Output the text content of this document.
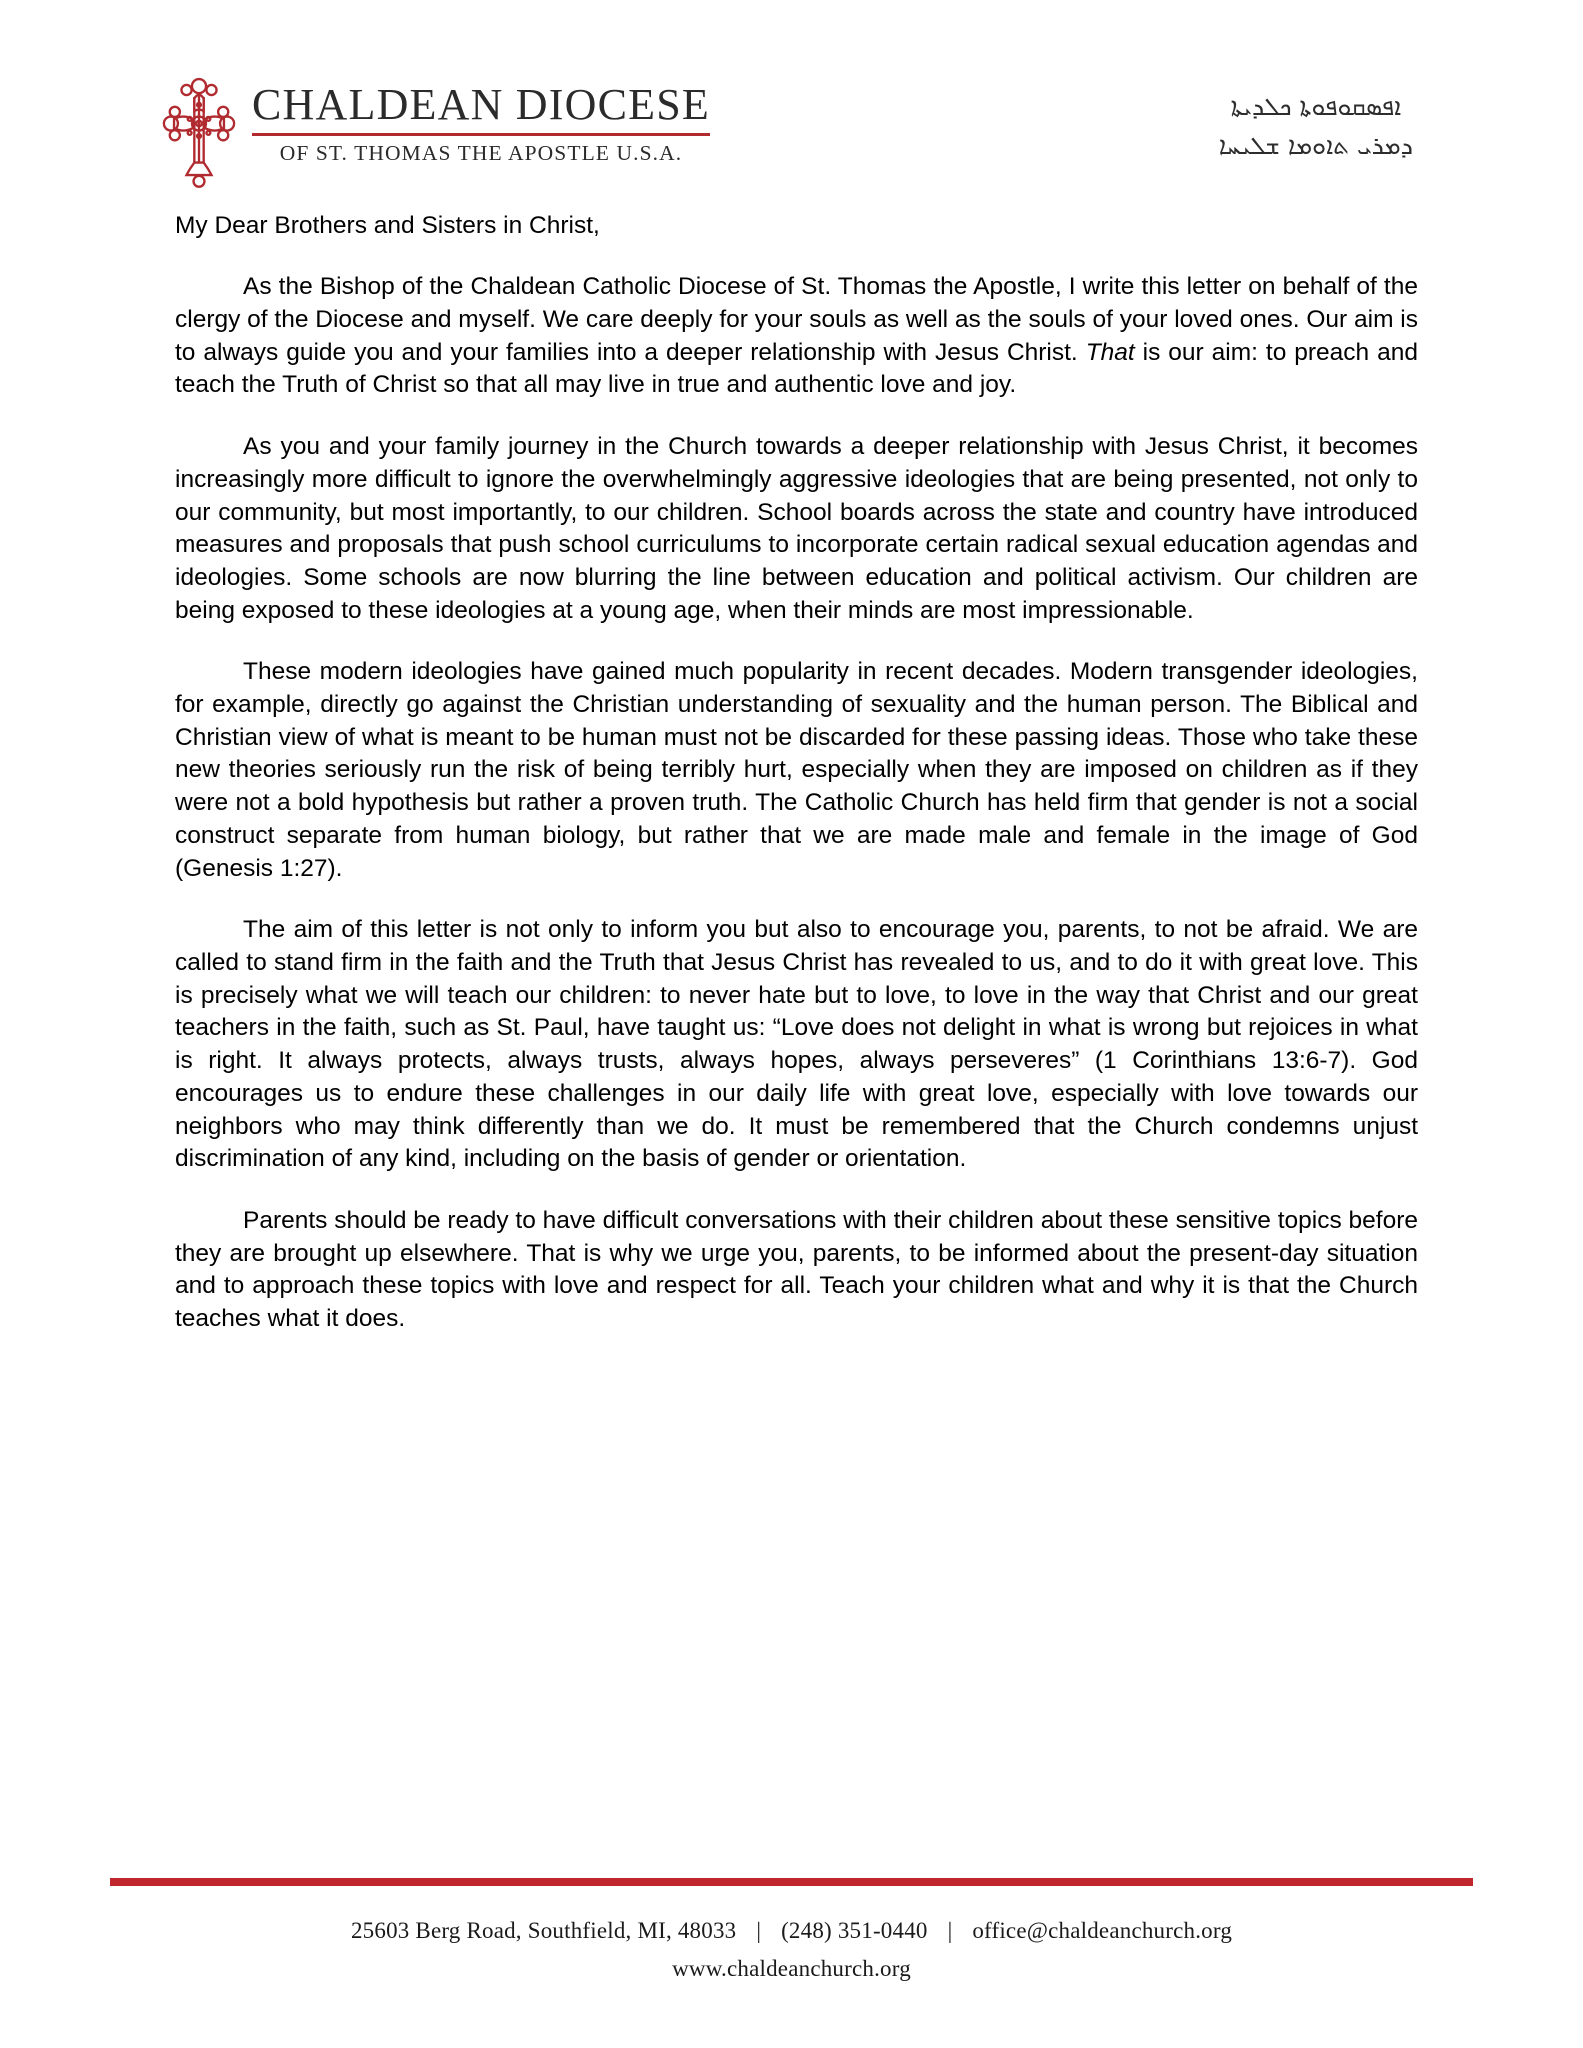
CHALDEAN DIOCESE
OF ST. THOMAS THE APOSTLE U.S.A.
ܐܦܣܩܘܦܘܬܐ ܟܠܕܝܬܐ
ܕܡܪܝ ܬܐܘܡܐ ܫܠܝܚܐ
My Dear Brothers and Sisters in Christ,
As the Bishop of the Chaldean Catholic Diocese of St. Thomas the Apostle, I write this letter on behalf of the clergy of the Diocese and myself. We care deeply for your souls as well as the souls of your loved ones. Our aim is to always guide you and your families into a deeper relationship with Jesus Christ. That is our aim: to preach and teach the Truth of Christ so that all may live in true and authentic love and joy.
As you and your family journey in the Church towards a deeper relationship with Jesus Christ, it becomes increasingly more difficult to ignore the overwhelmingly aggressive ideologies that are being presented, not only to our community, but most importantly, to our children. School boards across the state and country have introduced measures and proposals that push school curriculums to incorporate certain radical sexual education agendas and ideologies. Some schools are now blurring the line between education and political activism. Our children are being exposed to these ideologies at a young age, when their minds are most impressionable.
These modern ideologies have gained much popularity in recent decades. Modern transgender ideologies, for example, directly go against the Christian understanding of sexuality and the human person. The Biblical and Christian view of what is meant to be human must not be discarded for these passing ideas. Those who take these new theories seriously run the risk of being terribly hurt, especially when they are imposed on children as if they were not a bold hypothesis but rather a proven truth. The Catholic Church has held firm that gender is not a social construct separate from human biology, but rather that we are made male and female in the image of God (Genesis 1:27).
The aim of this letter is not only to inform you but also to encourage you, parents, to not be afraid. We are called to stand firm in the faith and the Truth that Jesus Christ has revealed to us, and to do it with great love. This is precisely what we will teach our children: to never hate but to love, to love in the way that Christ and our great teachers in the faith, such as St. Paul, have taught us: “Love does not delight in what is wrong but rejoices in what is right. It always protects, always trusts, always hopes, always perseveres” (1 Corinthians 13:6-7). God encourages us to endure these challenges in our daily life with great love, especially with love towards our neighbors who may think differently than we do. It must be remembered that the Church condemns unjust discrimination of any kind, including on the basis of gender or orientation.
Parents should be ready to have difficult conversations with their children about these sensitive topics before they are brought up elsewhere. That is why we urge you, parents, to be informed about the present-day situation and to approach these topics with love and respect for all. Teach your children what and why it is that the Church teaches what it does.
25603 Berg Road, Southfield, MI, 48033 | (248) 351-0440 | office@chaldeanchurch.org
www.chaldeanchurch.org
